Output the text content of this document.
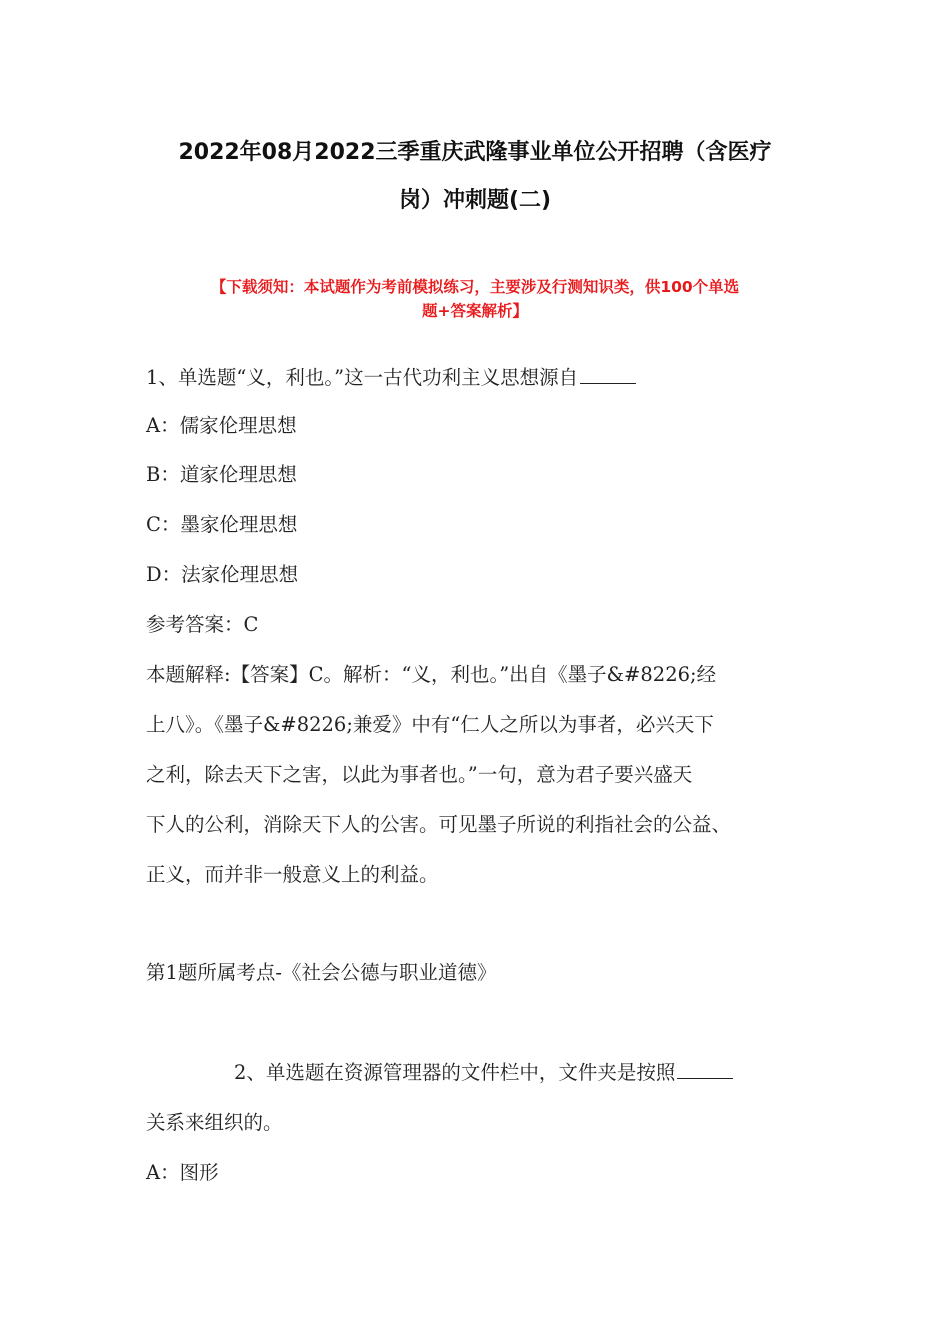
2022年08月2022三季重庆武隆事业单位公开招聘（含医疗
岗）冲刺题(二)
【下载须知：本试题作为考前模拟练习，主要涉及行测知识类，供100个单选
题+答案解析】
1、单选题“义，利也。”这一古代功利主义思想源自
A：儒家伦理思想
B：道家伦理思想
C：墨家伦理思想
D：法家伦理思想
参考答案：C
本题解释:【答案】C。解析：“义，利也。”出自《墨子&#8226;经
上八》。《墨子&#8226;兼爱》中有“仁人之所以为事者，必兴天下
之利，除去天下之害，以此为事者也。”一句，意为君子要兴盛天
下人的公利，消除天下人的公害。可见墨子所说的利指社会的公益、
正义，而并非一般意义上的利益。
第1题所属考点-《社会公德与职业道德》
2、单选题在资源管理器的文件栏中，文件夹是按照
关系来组织的。
A：图形
